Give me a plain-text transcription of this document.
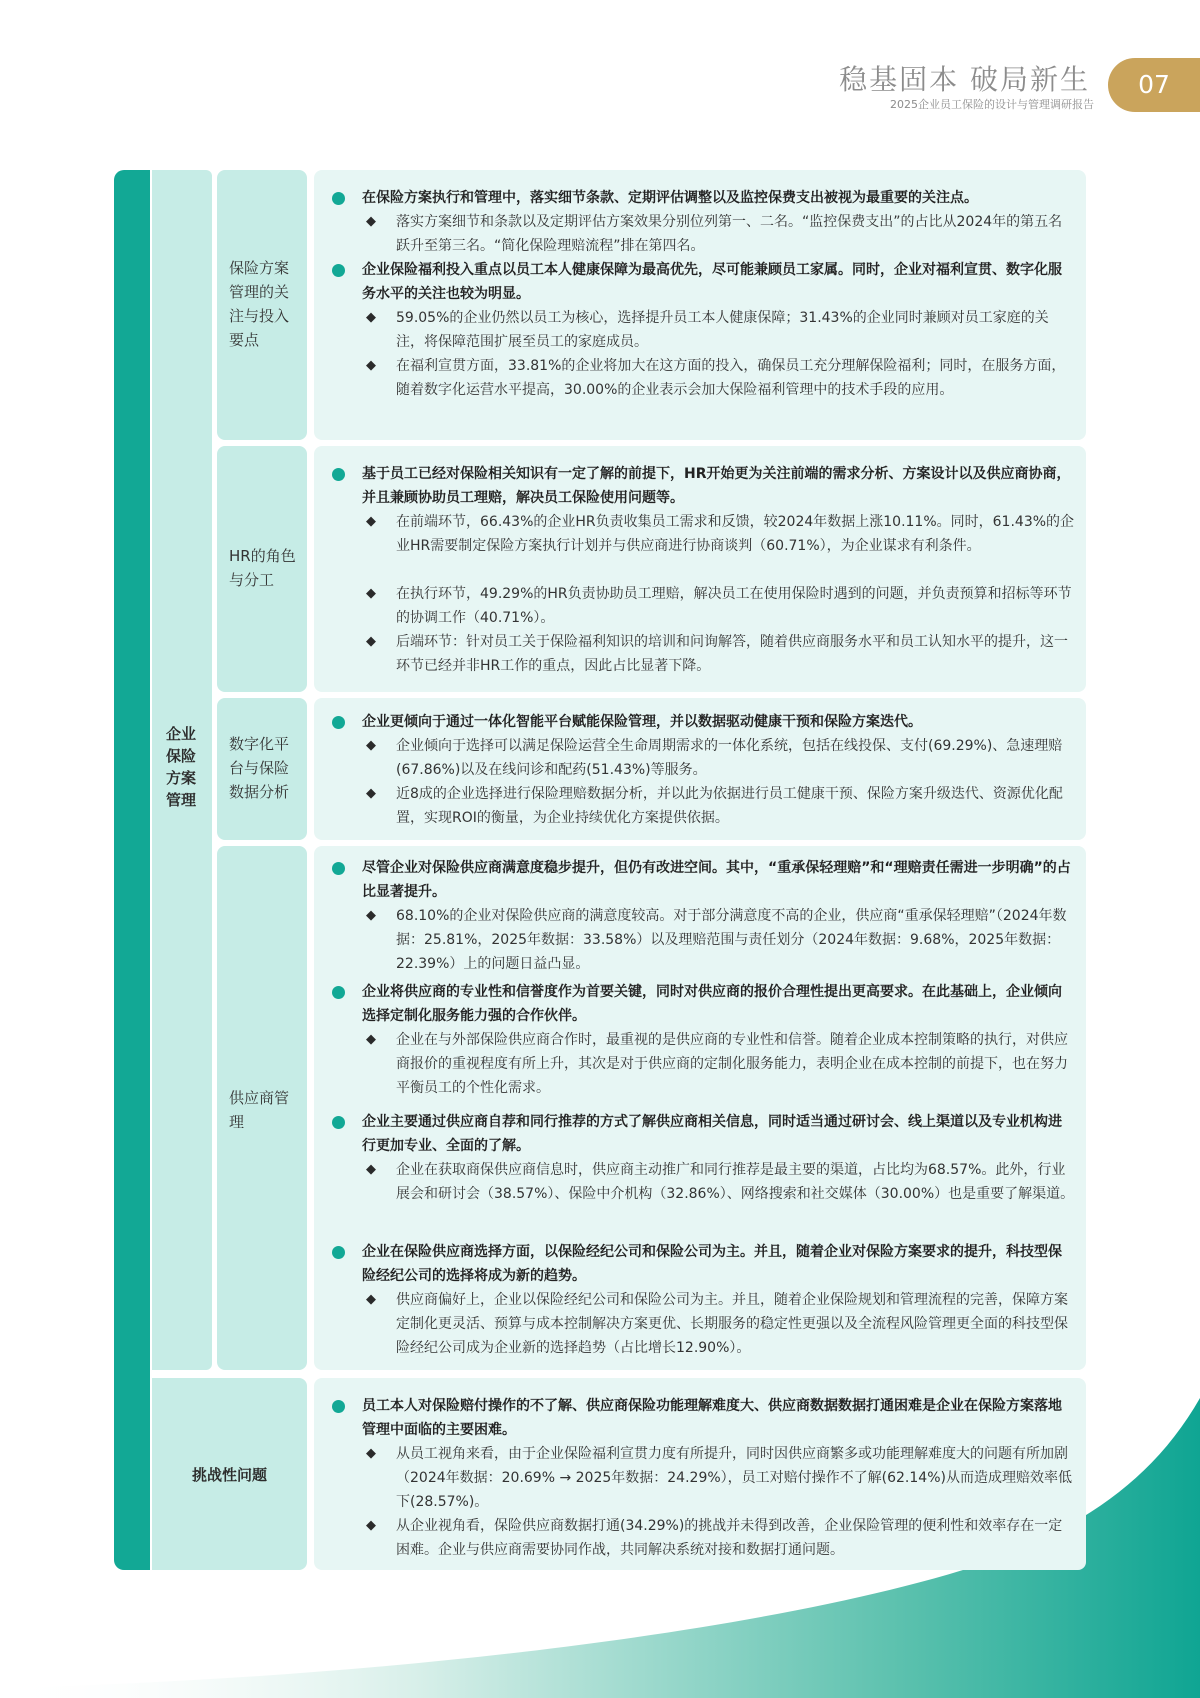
稳基固本 破局新生
2025企业员工保险的设计与管理调研报告
07
企业保险方案管理
保险方案管理的关注与投入要点
在保险方案执行和管理中，落实细节条款、定期评估调整以及监控保费支出被视为最重要的关注点。
◆ 落实方案细节和条款以及定期评估方案效果分别位列第一、二名。“监控保费支出”的占比从2024年的第五名跃升至第三名。“简化保险理赔流程”排在第四名。
企业保险福利投入重点以员工本人健康保障为最高优先，尽可能兼顾员工家属。同时，企业对福利宣贯、数字化服务水平的关注也较为明显。
◆ 59.05%的企业仍然以员工为核心，选择提升员工本人健康保障；31.43%的企业同时兼顾对员工家庭的关注，将保障范围扩展至员工的家庭成员。
◆ 在福利宣贯方面，33.81%的企业将加大在这方面的投入，确保员工充分理解保险福利；同时，在服务方面，随着数字化运营水平提高，30.00%的企业表示会加大保险福利管理中的技术手段的应用。
HR的角色与分工
基于员工已经对保险相关知识有一定了解的前提下，HR开始更为关注前端的需求分析、方案设计以及供应商协商，并且兼顾协助员工理赔，解决员工保险使用问题等。
◆ 在前端环节，66.43%的企业HR负责收集员工需求和反馈，较2024年数据上涨10.11%。同时，61.43%的企业HR需要制定保险方案执行计划并与供应商进行协商谈判（60.71%），为企业谋求有利条件。
◆ 在执行环节，49.29%的HR负责协助员工理赔，解决员工在使用保险时遇到的问题，并负责预算和招标等环节的协调工作（40.71%）。
◆ 后端环节：针对员工关于保险福利知识的培训和问询解答，随着供应商服务水平和员工认知水平的提升，这一环节已经并非HR工作的重点，因此占比显著下降。
数字化平台与保险数据分析
企业更倾向于通过一体化智能平台赋能保险管理，并以数据驱动健康干预和保险方案迭代。
◆ 企业倾向于选择可以满足保险运营全生命周期需求的一体化系统，包括在线投保、支付(69.29%)、急速理赔(67.86%)以及在线问诊和配药(51.43%)等服务。
◆ 近8成的企业选择进行保险理赔数据分析，并以此为依据进行员工健康干预、保险方案升级迭代、资源优化配置，实现ROI的衡量，为企业持续优化方案提供依据。
供应商管理
尽管企业对保险供应商满意度稳步提升，但仍有改进空间。其中，“重承保轻理赔”和“理赔责任需进一步明确”的占比显著提升。
◆ 68.10%的企业对保险供应商的满意度较高。对于部分满意度不高的企业，供应商“重承保轻理赔”（2024年数据：25.81%，2025年数据：33.58%）以及理赔范围与责任划分（2024年数据：9.68%，2025年数据：22.39%）上的问题日益凸显。
企业将供应商的专业性和信誉度作为首要关键，同时对供应商的报价合理性提出更高要求。在此基础上，企业倾向选择定制化服务能力强的合作伙伴。
◆ 企业在与外部保险供应商合作时，最重视的是供应商的专业性和信誉。随着企业成本控制策略的执行，对供应商报价的重视程度有所上升，其次是对于供应商的定制化服务能力，表明企业在成本控制的前提下，也在努力平衡员工的个性化需求。
企业主要通过供应商自荐和同行推荐的方式了解供应商相关信息，同时适当通过研讨会、线上渠道以及专业机构进行更加专业、全面的了解。
◆ 企业在获取商保供应商信息时，供应商主动推广和同行推荐是最主要的渠道，占比均为68.57%。此外，行业展会和研讨会（38.57%）、保险中介机构（32.86%）、网络搜索和社交媒体（30.00%）也是重要了解渠道。
企业在保险供应商选择方面，以保险经纪公司和保险公司为主。并且，随着企业对保险方案要求的提升，科技型保险经纪公司的选择将成为新的趋势。
◆ 供应商偏好上，企业以保险经纪公司和保险公司为主。并且，随着企业保险规划和管理流程的完善，保障方案定制化更灵活、预算与成本控制解决方案更优、长期服务的稳定性更强以及全流程风险管理更全面的科技型保险经纪公司成为企业新的选择趋势（占比增长12.90%）。
挑战性问题
员工本人对保险赔付操作的不了解、供应商保险功能理解难度大、供应商数据数据打通困难是企业在保险方案落地管理中面临的主要困难。
◆ 从员工视角来看，由于企业保险福利宣贯力度有所提升，同时因供应商繁多或功能理解难度大的问题有所加剧（2024年数据：20.69% → 2025年数据：24.29%），员工对赔付操作不了解(62.14%)从而造成理赔效率低下(28.57%)。
◆ 从企业视角看，保险供应商数据打通(34.29%)的挑战并未得到改善，企业保险管理的便利性和效率存在一定困难。企业与供应商需要协同作战，共同解决系统对接和数据打通问题。
